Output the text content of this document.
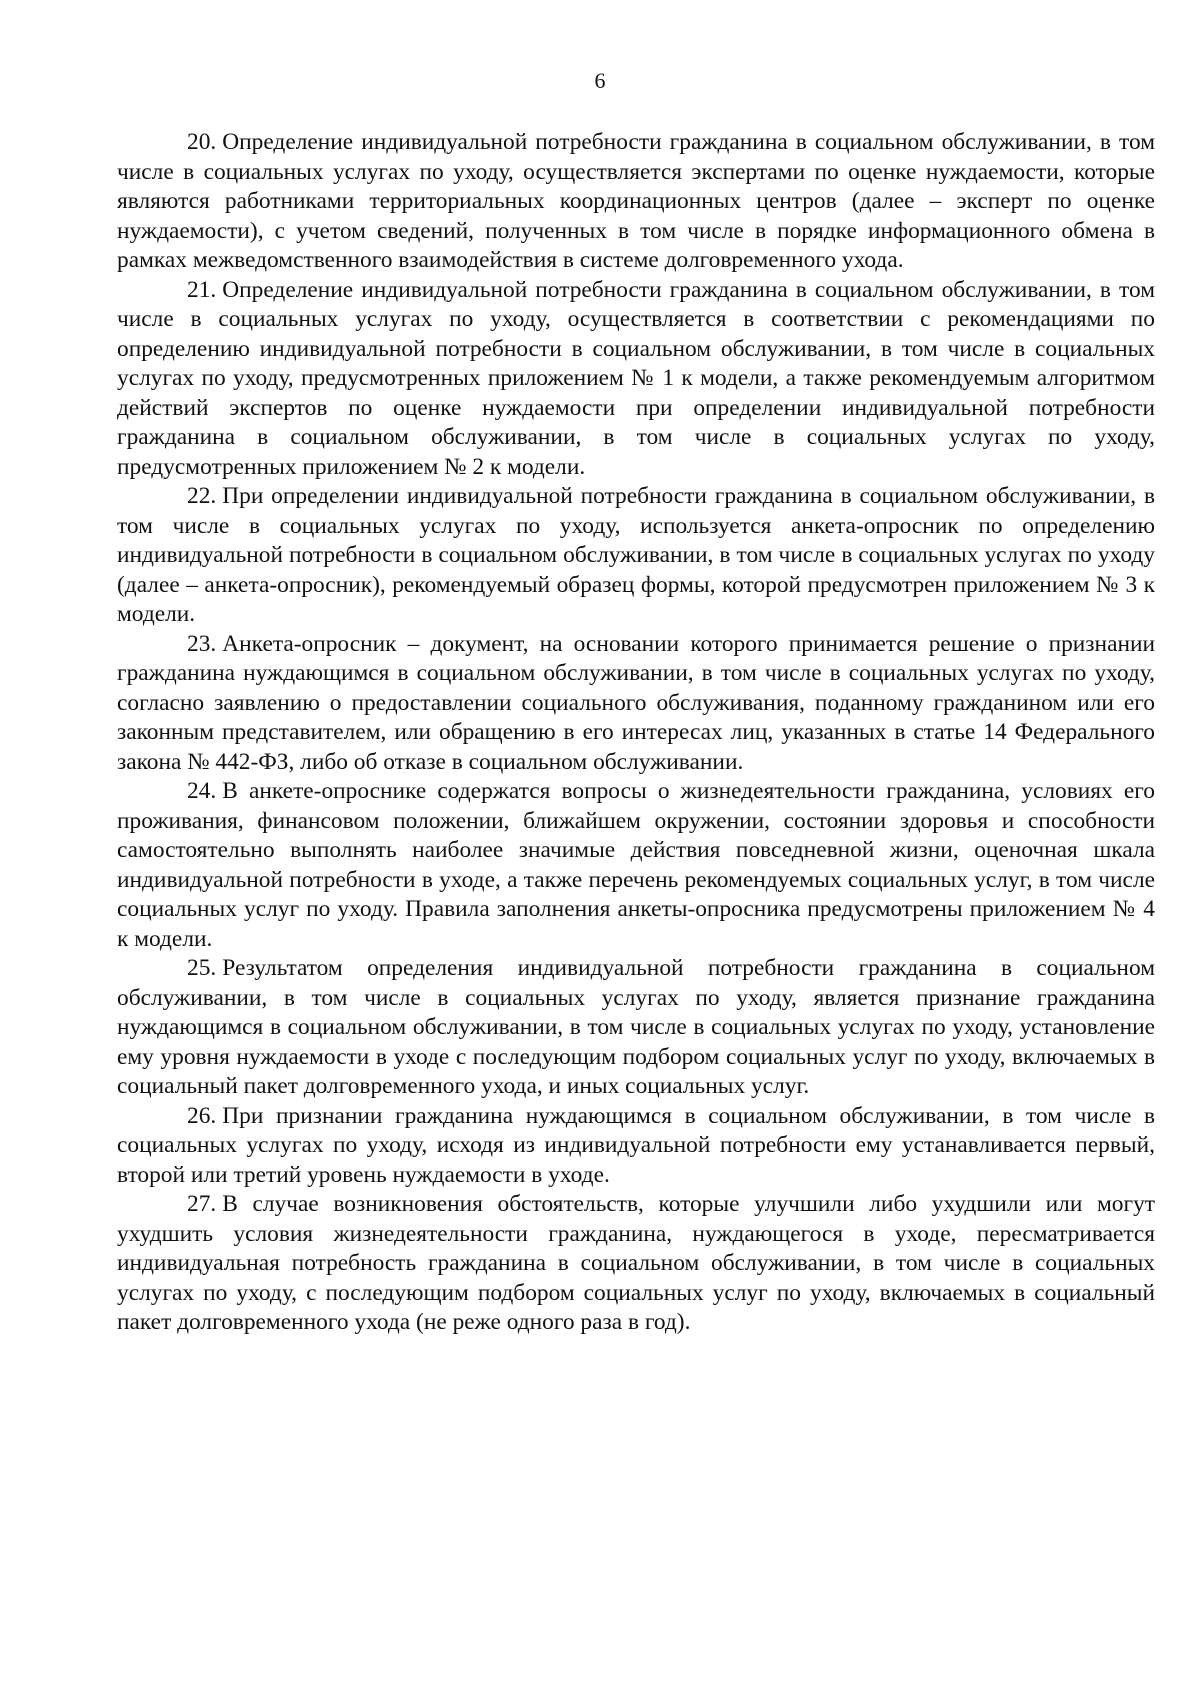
6

20. Определение индивидуальной потребности гражданина в социальном обслуживании, в том числе в социальных услугах по уходу, осуществляется экспертами по оценке нуждаемости, которые являются работниками территориальных координационных центров (далее – эксперт по оценке нуждаемости), с учетом сведений, полученных в том числе в порядке информационного обмена в рамках межведомственного взаимодействия в системе долговременного ухода.

21. Определение индивидуальной потребности гражданина в социальном обслуживании, в том числе в социальных услугах по уходу, осуществляется в соответствии с рекомендациями по определению индивидуальной потребности в социальном обслуживании, в том числе в социальных услугах по уходу, предусмотренных приложением № 1 к модели, а также рекомендуемым алгоритмом действий экспертов по оценке нуждаемости при определении индивидуальной потребности гражданина в социальном обслуживании, в том числе в социальных услугах по уходу, предусмотренных приложением № 2 к модели.

22. При определении индивидуальной потребности гражданина в социальном обслуживании, в том числе в социальных услугах по уходу, используется анкета-опросник по определению индивидуальной потребности в социальном обслуживании, в том числе в социальных услугах по уходу (далее – анкета-опросник), рекомендуемый образец формы, которой предусмотрен приложением № 3 к модели.

23. Анкета-опросник – документ, на основании которого принимается решение о признании гражданина нуждающимся в социальном обслуживании, в том числе в социальных услугах по уходу, согласно заявлению о предоставлении социального обслуживания, поданному гражданином или его законным представителем, или обращению в его интересах лиц, указанных в статье 14 Федерального закона № 442-ФЗ, либо об отказе в социальном обслуживании.

24. В анкете-опроснике содержатся вопросы о жизнедеятельности гражданина, условиях его проживания, финансовом положении, ближайшем окружении, состоянии здоровья и способности самостоятельно выполнять наиболее значимые действия повседневной жизни, оценочная шкала индивидуальной потребности в уходе, а также перечень рекомендуемых социальных услуг, в том числе социальных услуг по уходу. Правила заполнения анкеты-опросника предусмотрены приложением № 4 к модели.

25. Результатом определения индивидуальной потребности гражданина в социальном обслуживании, в том числе в социальных услугах по уходу, является признание гражданина нуждающимся в социальном обслуживании, в том числе в социальных услугах по уходу, установление ему уровня нуждаемости в уходе с последующим подбором социальных услуг по уходу, включаемых в социальный пакет долговременного ухода, и иных социальных услуг.

26. При признании гражданина нуждающимся в социальном обслуживании, в том числе в социальных услугах по уходу, исходя из индивидуальной потребности ему устанавливается первый, второй или третий уровень нуждаемости в уходе.

27. В случае возникновения обстоятельств, которые улучшили либо ухудшили или могут ухудшить условия жизнедеятельности гражданина, нуждающегося в уходе, пересматривается индивидуальная потребность гражданина в социальном обслуживании, в том числе в социальных услугах по уходу, с последующим подбором социальных услуг по уходу, включаемых в социальный пакет долговременного ухода (не реже одного раза в год).
